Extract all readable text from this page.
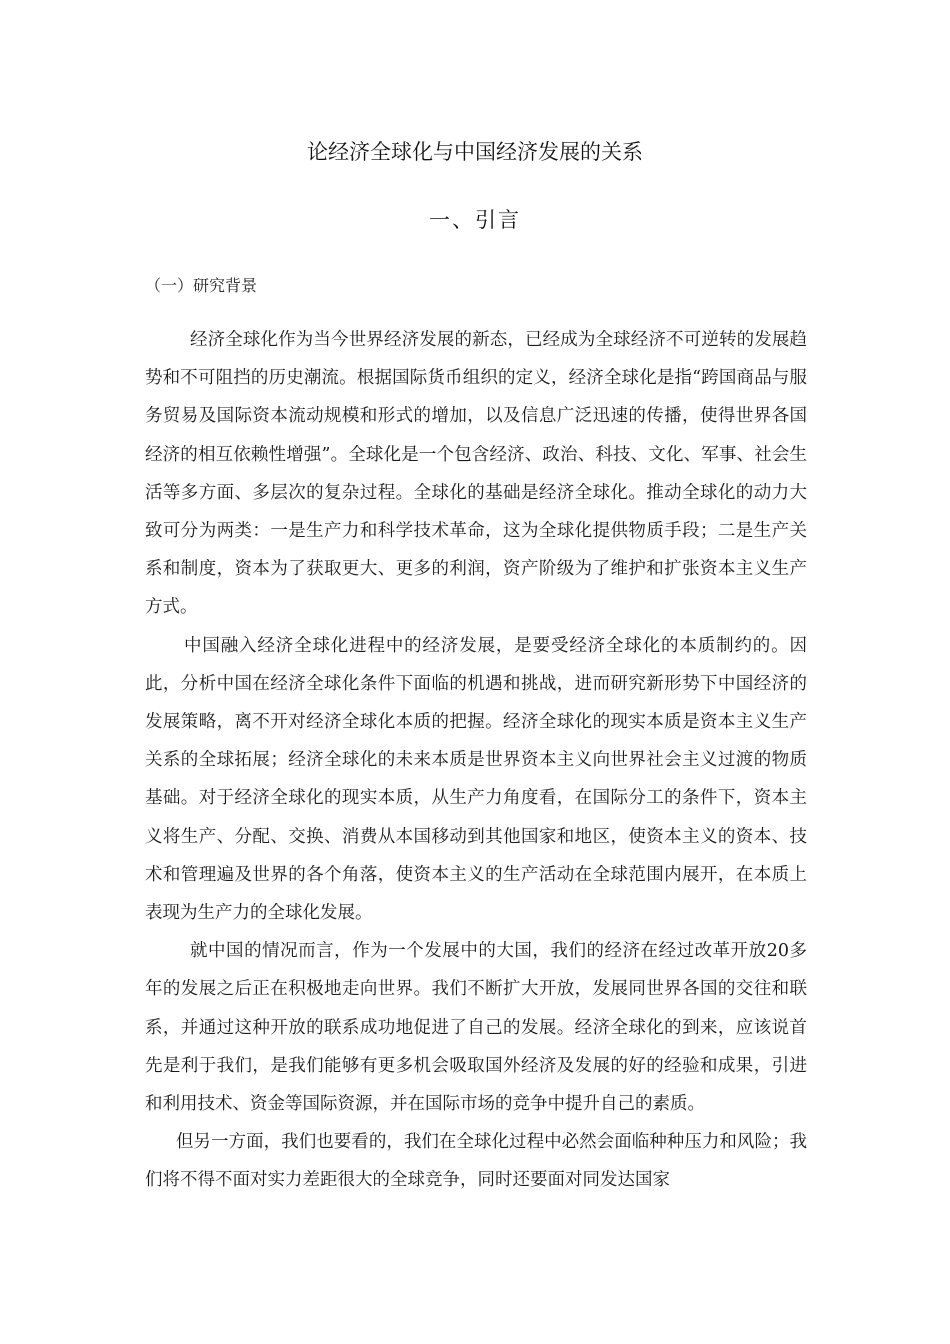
论经济全球化与中国经济发展的关系
一、引言
（一）研究背景

经济全球化作为当今世界经济发展的新态，已经成为全球经济不可逆转的发展趋势和不可阻挡的历史潮流。根据国际货币组织的定义，经济全球化是指“跨国商品与服务贸易及国际资本流动规模和形式的增加，以及信息广泛迅速的传播，使得世界各国经济的相互依赖性增强”。全球化是一个包含经济、政治、科技、文化、军事、社会生活等多方面、多层次的复杂过程。全球化的基础是经济全球化。推动全球化的动力大致可分为两类：一是生产力和科学技术革命，这为全球化提供物质手段；二是生产关系和制度，资本为了获取更大、更多的利润，资产阶级为了维护和扩张资本主义生产方式。

中国融入经济全球化进程中的经济发展，是要受经济全球化的本质制约的。因此，分析中国在经济全球化条件下面临的机遇和挑战，进而研究新形势下中国经济的发展策略，离不开对经济全球化本质的把握。经济全球化的现实本质是资本主义生产关系的全球拓展；经济全球化的未来本质是世界资本主义向世界社会主义过渡的物质基础。对于经济全球化的现实本质，从生产力角度看，在国际分工的条件下，资本主义将生产、分配、交换、消费从本国移动到其他国家和地区，使资本主义的资本、技术和管理遍及世界的各个角落，使资本主义的生产活动在全球范围内展开，在本质上表现为生产力的全球化发展。

就中国的情况而言，作为一个发展中的大国，我们的经济在经过改革开放20多年的发展之后正在积极地走向世界。我们不断扩大开放，发展同世界各国的交往和联系，并通过这种开放的联系成功地促进了自己的发展。经济全球化的到来，应该说首先是利于我们，是我们能够有更多机会吸取国外经济及发展的好的经验和成果，引进和利用技术、资金等国际资源，并在国际市场的竞争中提升自己的素质。

但另一方面，我们也要看的，我们在全球化过程中必然会面临种种压力和风险；我们将不得不面对实力差距很大的全球竞争，同时还要面对同发达国家
